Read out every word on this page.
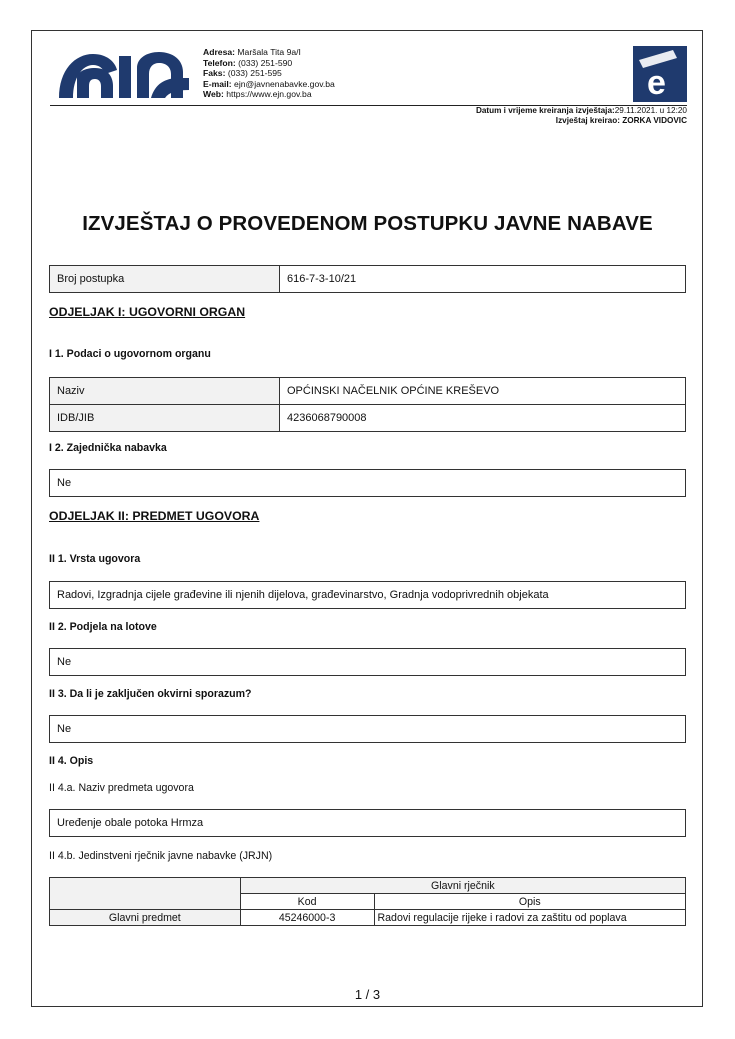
Adresa: Maršala Tita 9a/I
Telefon: (033) 251-590
Faks: (033) 251-595
E-mail: ejn@javnenabavke.gov.ba
Web: https://www.ejn.gov.ba	e
Datum i vrijeme kreiranja izvještaja:29.11.2021. u 12:20
Izvještaj kreirao: ZORKA VIDOVIC
IZVJEŠTAJ O PROVEDENOM POSTUPKU JAVNE NABAVE
Broj postupka	616-7-3-10/21
ODJELJAK I: UGOVORNI ORGAN
I 1. Podaci o ugovornom organu
Naziv	OPĆINSKI NAČELNIK OPĆINE KREŠEVO
IDB/JIB	4236068790008
I 2. Zajednička nabavka
Ne
ODJELJAK II: PREDMET UGOVORA
II 1. Vrsta ugovora
Radovi, Izgradnja cijele građevine ili njenih dijelova, građevinarstvo, Gradnja vodoprivrednih objekata
II 2. Podjela na lotove
Ne
II 3. Da li je zaključen okvirni sporazum?
Ne
II 4. Opis
II 4.a. Naziv predmeta ugovora
Uređenje obale potoka Hrmza
II 4.b. Jedinstveni rječnik javne nabavke (JRJN)
	Glavni rječnik	
	Kod	Opis
Glavni predmet	45246000-3	Radovi regulacije rijeke i radovi za zaštitu od poplava
1 / 3
